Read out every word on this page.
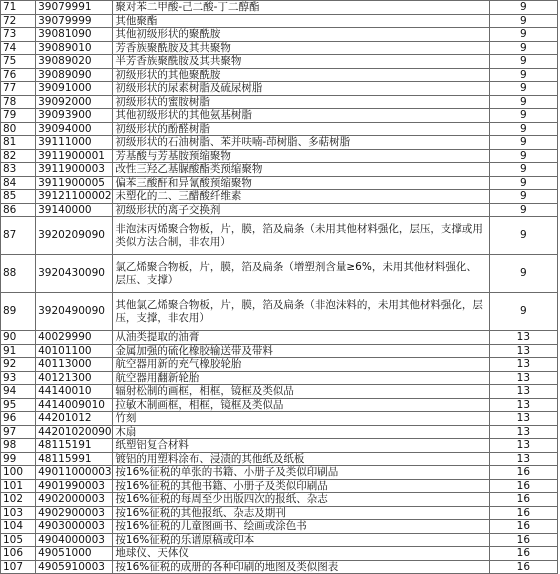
71	39079991	聚对苯二甲酸-己二酸-丁二醇酯	9
72	39079999	其他聚酯	9
73	39081090	其他初级形状的聚酰胺	9
74	39089010	芳香族聚酰胺及其共聚物	9
75	39089020	半芳香族聚酰胺及其共聚物	9
76	39089090	初级形状的其他聚酰胺	9
77	39091000	初级形状的尿素树脂及硫尿树脂	9
78	39092000	初级形状的蜜胺树脂	9
79	39093900	其他初级形状的其他氨基树脂	9
80	39094000	初级形状的酚醛树脂	9
81	39111000	初级形状的石油树脂、苯并呋喃-茚树脂、多萜树脂	9
82	3911900001	芳基酸与芳基胺预缩聚物	9
83	3911900003	改性三羟乙基脲酸酯类预缩聚物	9
84	3911900005	偏苯三酸酐和异氰酸预缩聚物	9
85	39121100002	未塑化的二、三醋酸纤维素	9
86	39140000	初级形状的离子交换剂	9
87	3920209090	非泡沫丙烯聚合物板，片，膜，箔及扁条（未用其他材料强化，层压，支撑或用类似方法合制，非农用）	9
88	3920430090	氯乙烯聚合物板，片，膜，箔及扁条（增塑剂含量≥6%，未用其他材料强化、层压、支撑）	9
89	3920490090	其他氯乙烯聚合物板，片，膜，箔及扁条（非泡沫料的，未用其他材料强化，层压，支撑，非农用）	9
90	40029990	从油类提取的油膏	13
91	40101100	金属加强的硫化橡胶输送带及带料	13
92	40113000	航空器用新的充气橡胶轮胎	13
93	40121300	航空器用翻新轮胎	13
94	44140010	辐射松制的画框，相框，镜框及类似品	13
95	4414009010	拉敏木制画框，相框，镜框及类似品	13
96	44201012	竹刻	13
97	44201020090	木扇	13
98	48115191	纸塑铝复合材料	13
99	48115991	镀铝的用塑料涂布、浸渍的其他纸及纸板	13
100	49011000003	按16%征税的单张的书籍、小册子及类似印刷品	16
101	4901990003	按16%征税的其他书籍、小册子及类似印刷品	16
102	4902000003	按16%征税的每周至少出版四次的报纸、杂志	16
103	4902900003	按16%征税的其他报纸、杂志及期刊	16
104	4903000003	按16%征税的儿童图画书、绘画或涂色书	16
105	4904000003	按16%征税的乐谱原稿或印本	16
106	49051000	地球仪、天体仪	16
107	4905910003	按16%征税的成册的各种印刷的地图及类似图表	16
